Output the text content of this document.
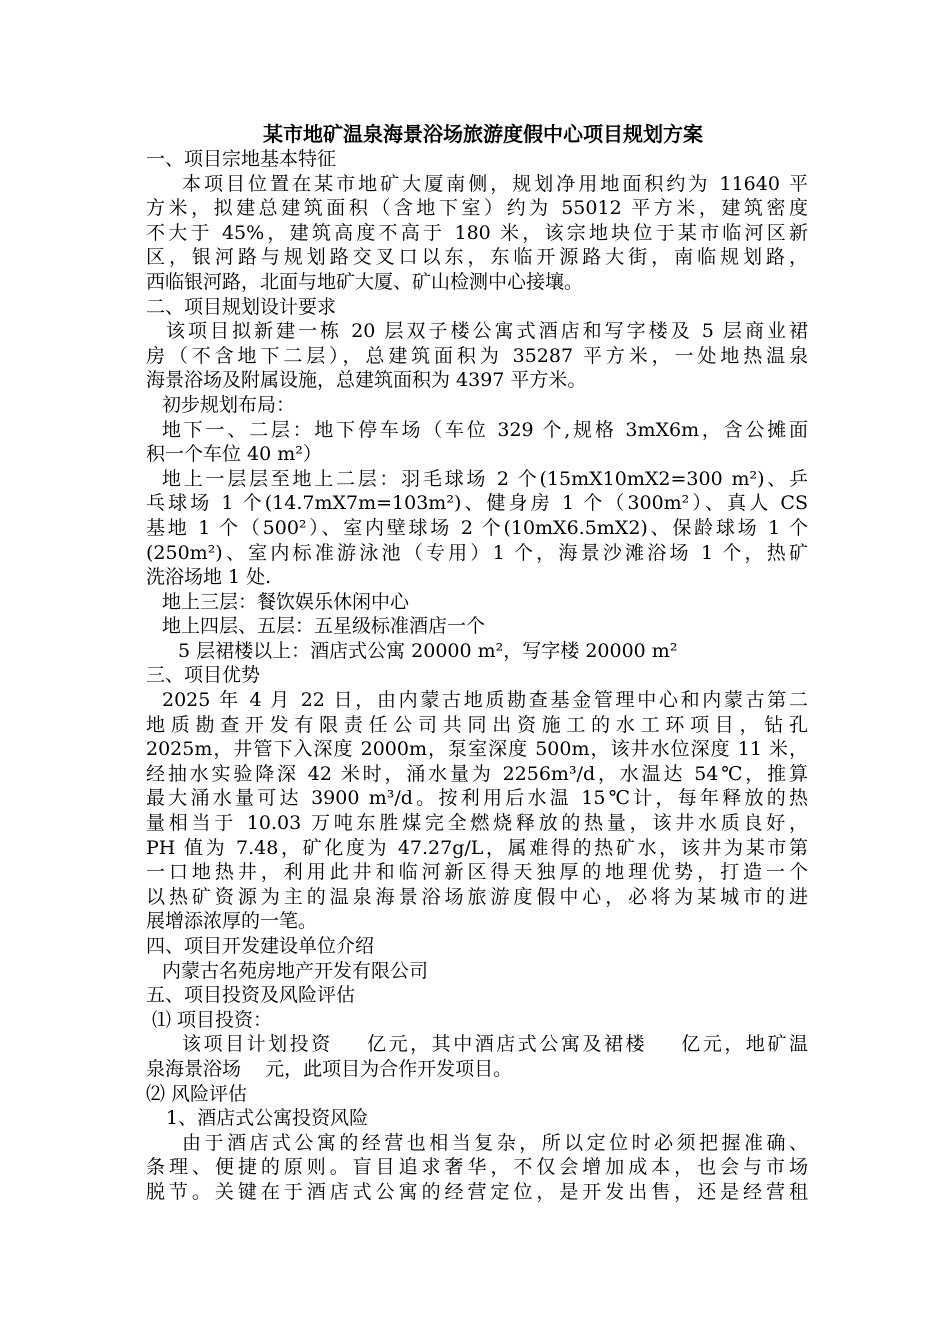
某市地矿温泉海景浴场旅游度假中心项目规划方案

一、项目宗地基本特征

本项目位置在某市地矿大厦南侧，规划净用地面积约为 11640 平

方米，拟建总建筑面积（含地下室）约为 55012 平方米，建筑密度

不大于 45%，建筑高度不高于 180 米，该宗地块位于某市临河区新

区，银河路与规划路交叉口以东，东临开源路大街，南临规划路，

西临银河路，北面与地矿大厦、矿山检测中心接壤。

二、项目规划设计要求

该项目拟新建一栋 20 层双子楼公寓式酒店和写字楼及 5 层商业裙

房（不含地下二层），总建筑面积为 35287 平方米，一处地热温泉

海景浴场及附属设施，总建筑面积为 4397 平方米。

初步规划布局：

地下一、二层：地下停车场（车位 329 个,规格 3mX6m，含公摊面

积一个车位 40 m²）

地上一层层至地上二层：羽毛球场 2 个(15mX10mX2=300 m²)、乒

乓球场 1 个(14.7mX7m=103m²)、健身房 1 个（300m²）、真人 CS

基地 1 个（500²）、室内壁球场 2 个(10mX6.5mX2)、保龄球场 1 个

(250m²)、室内标准游泳池（专用）1 个，海景沙滩浴场 1 个，热矿

洗浴场地 1 处.

地上三层：餐饮娱乐休闲中心

地上四层、五层：五星级标准酒店一个

5 层裙楼以上：酒店式公寓 20000 m²，写字楼 20000 m²

三、项目优势

2025 年 4 月 22 日，由内蒙古地质勘查基金管理中心和内蒙古第二

地质勘查开发有限责任公司共同出资施工的水工环项目，钻孔

2025m，井管下入深度 2000m，泵室深度 500m，该井水位深度 11 米，

经抽水实验降深 42 米时，涌水量为 2256m³/d，水温达 54℃，推算

最大涌水量可达 3900 m³/d。按利用后水温 15℃计，每年释放的热

量相当于 10.03 万吨东胜煤完全燃烧释放的热量，该井水质良好，

PH 值为 7.48，矿化度为 47.27g/L，属难得的热矿水，该井为某市第

一口地热井，利用此井和临河新区得天独厚的地理优势，打造一个

以热矿资源为主的温泉海景浴场旅游度假中心，必将为某城市的进

展增添浓厚的一笔。

四、项目开发建设单位介绍

内蒙古名苑房地产开发有限公司

五、项目投资及风险评估

⑴ 项目投资：

该项目计划投资    亿元，其中酒店式公寓及裙楼    亿元，地矿温

泉海景浴场    元，此项目为合作开发项目。

⑵ 风险评估

1、酒店式公寓投资风险

由于酒店式公寓的经营也相当复杂，所以定位时必须把握准确、

条理、便捷的原则。盲目追求奢华，不仅会增加成本，也会与市场

脱节。关键在于酒店式公寓的经营定位，是开发出售，还是经营租
